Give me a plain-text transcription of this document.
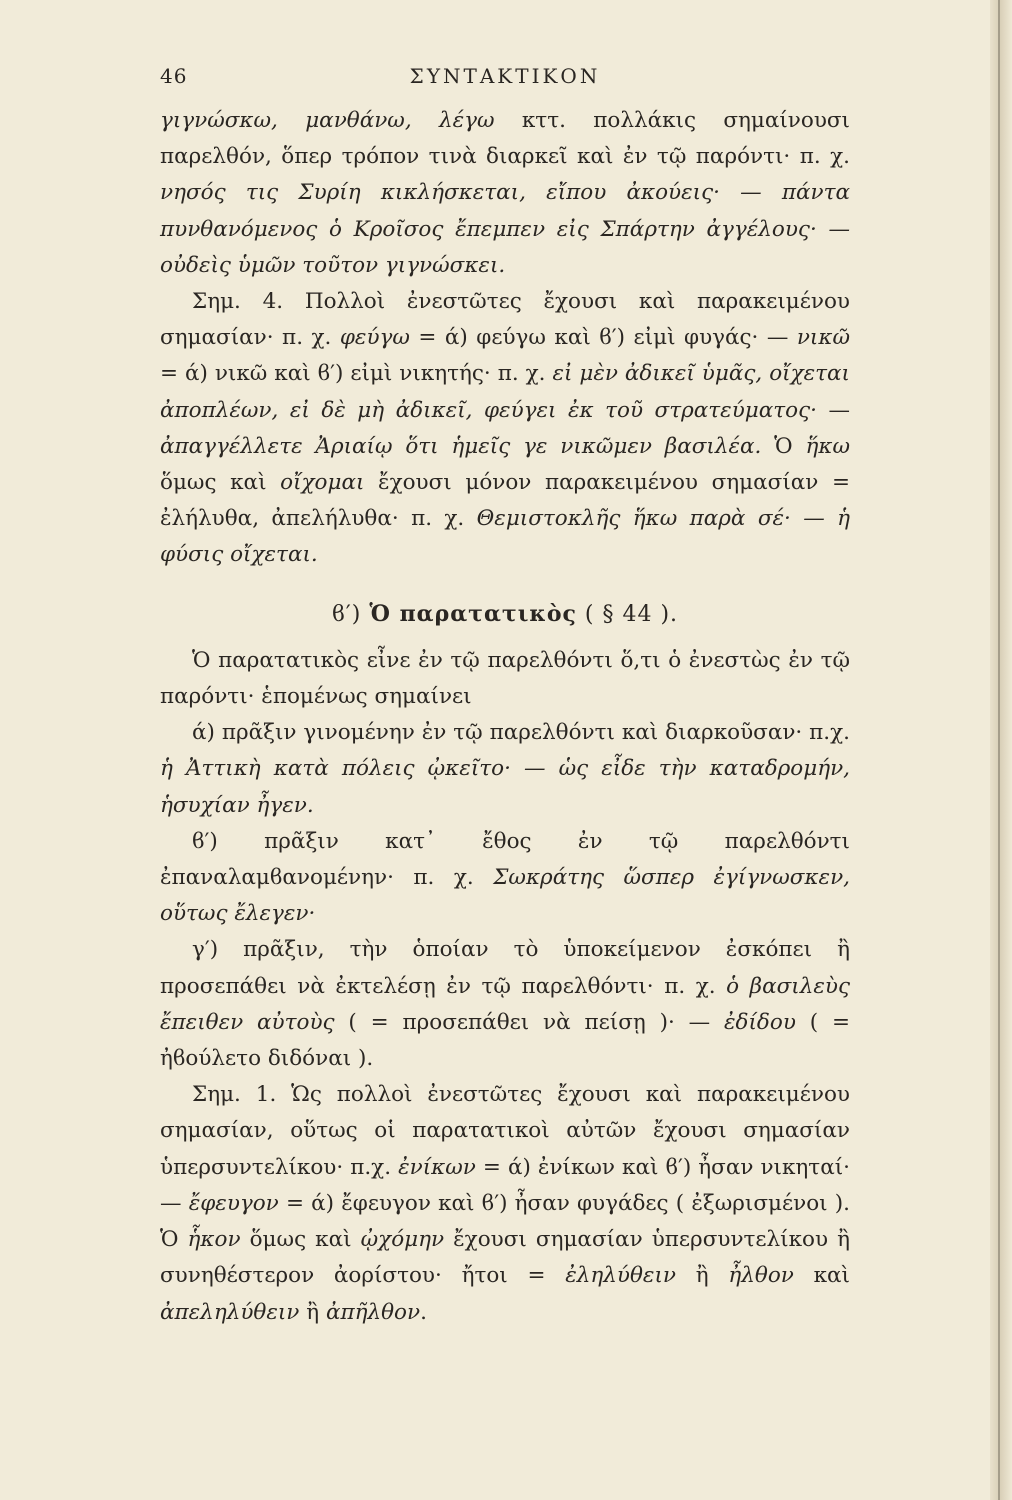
46	ΣΥΝΤΑΚΤΙΚΟΝ

γιγνώσκω, μανθάνω, λέγω κττ. πολλάκις σημαίνουσι παρελθόν, ὅπερ τρόπον τινὰ διαρκεῖ καὶ ἐν τῷ παρόντι· π. χ. νησός τις Συρίη κικλήσκεται, εἴπου ἀκούεις· — πάντα πυνθανόμενος ὁ Κροῖσος ἔπεμπεν εἰς Σπάρτην ἀγγέλους· — οὐδεὶς ὑμῶν τοῦτον γιγνώσκει.

Σημ. 4. Πολλοὶ ἐνεστῶτες ἔχουσι καὶ παρακειμένου σημασίαν· π. χ. φεύγω = ά) φεύγω καὶ ϐ′) εἰμὶ φυγάς· — νικῶ = ά) νικῶ καὶ ϐ′) εἰμὶ νικητής· π. χ. εἰ μὲν ἀδικεῖ ὑμᾶς, οἴχεται ἀποπλέων, εἰ δὲ μὴ ἀδικεῖ, φεύγει ἐκ τοῦ στρατεύματος· — ἀπαγγέλλετε Ἀριαίῳ ὅτι ἡμεῖς γε νικῶμεν βασιλέα. Ὁ ἥκω ὅμως καὶ οἴχομαι ἔχουσι μόνον παρακειμένου σημασίαν = ἐλήλυθα, ἀπελήλυθα· π. χ. Θεμιστοκλῆς ἥκω παρὰ σέ· — ἡ φύσις οἴχεται.

ϐ′) Ὁ παρατατικὸς ( § 44 ).

Ὁ παρατατικὸς εἶνε ἐν τῷ παρελθόντι ὅ,τι ὁ ἐνεστὼς ἐν τῷ παρόντι· ἑπομένως σημαίνει

ά) πρᾶξιν γινομένην ἐν τῷ παρελθόντι καὶ διαρκοῦσαν· π.χ. ἡ Ἀττικὴ κατὰ πόλεις ᾠκεῖτο· — ὡς εἶδε τὴν καταδρομήν, ἡσυχίαν ἦγεν.

ϐ′) πρᾶξιν κατ᾽ ἔθος ἐν τῷ παρελθόντι ἐπαναλαμϐανομένην· π. χ. Σωκράτης ὥσπερ ἐγίγνωσκεν, οὕτως ἔλεγεν·

γ′) πρᾶξιν, τὴν ὁποίαν τὸ ὑποκείμενον ἐσκόπει ἢ προσεπάθει νὰ ἐκτελέσῃ ἐν τῷ παρελθόντι· π. χ. ὁ βασιλεὺς ἔπειθεν αὐτοὺς ( = προσεπάθει νὰ πείσῃ )· — ἐδίδου ( = ἠϐούλετο διδόναι ).

Σημ. 1. Ὡς πολλοὶ ἐνεστῶτες ἔχουσι καὶ παρακειμένου σημασίαν, οὕτως οἱ παρατατικοὶ αὐτῶν ἔχουσι σημασίαν ὑπερσυντελίκου· π.χ. ἐνίκων = ά) ἐνίκων καὶ ϐ′) ἦσαν νικηταί· — ἔφευγον = ά) ἔφευγον καὶ ϐ′) ἦσαν φυγάδες ( ἐξωρισμένοι ). Ὁ ἧκον ὅμως καὶ ᾠχόμην ἔχουσι σημασίαν ὑπερσυντελίκου ἢ συνηθέστερον ἀορίστου· ἤτοι = ἐληλύθειν ἢ ἦλθον καὶ ἀπεληλύθειν ἢ ἀπῆλθον.
